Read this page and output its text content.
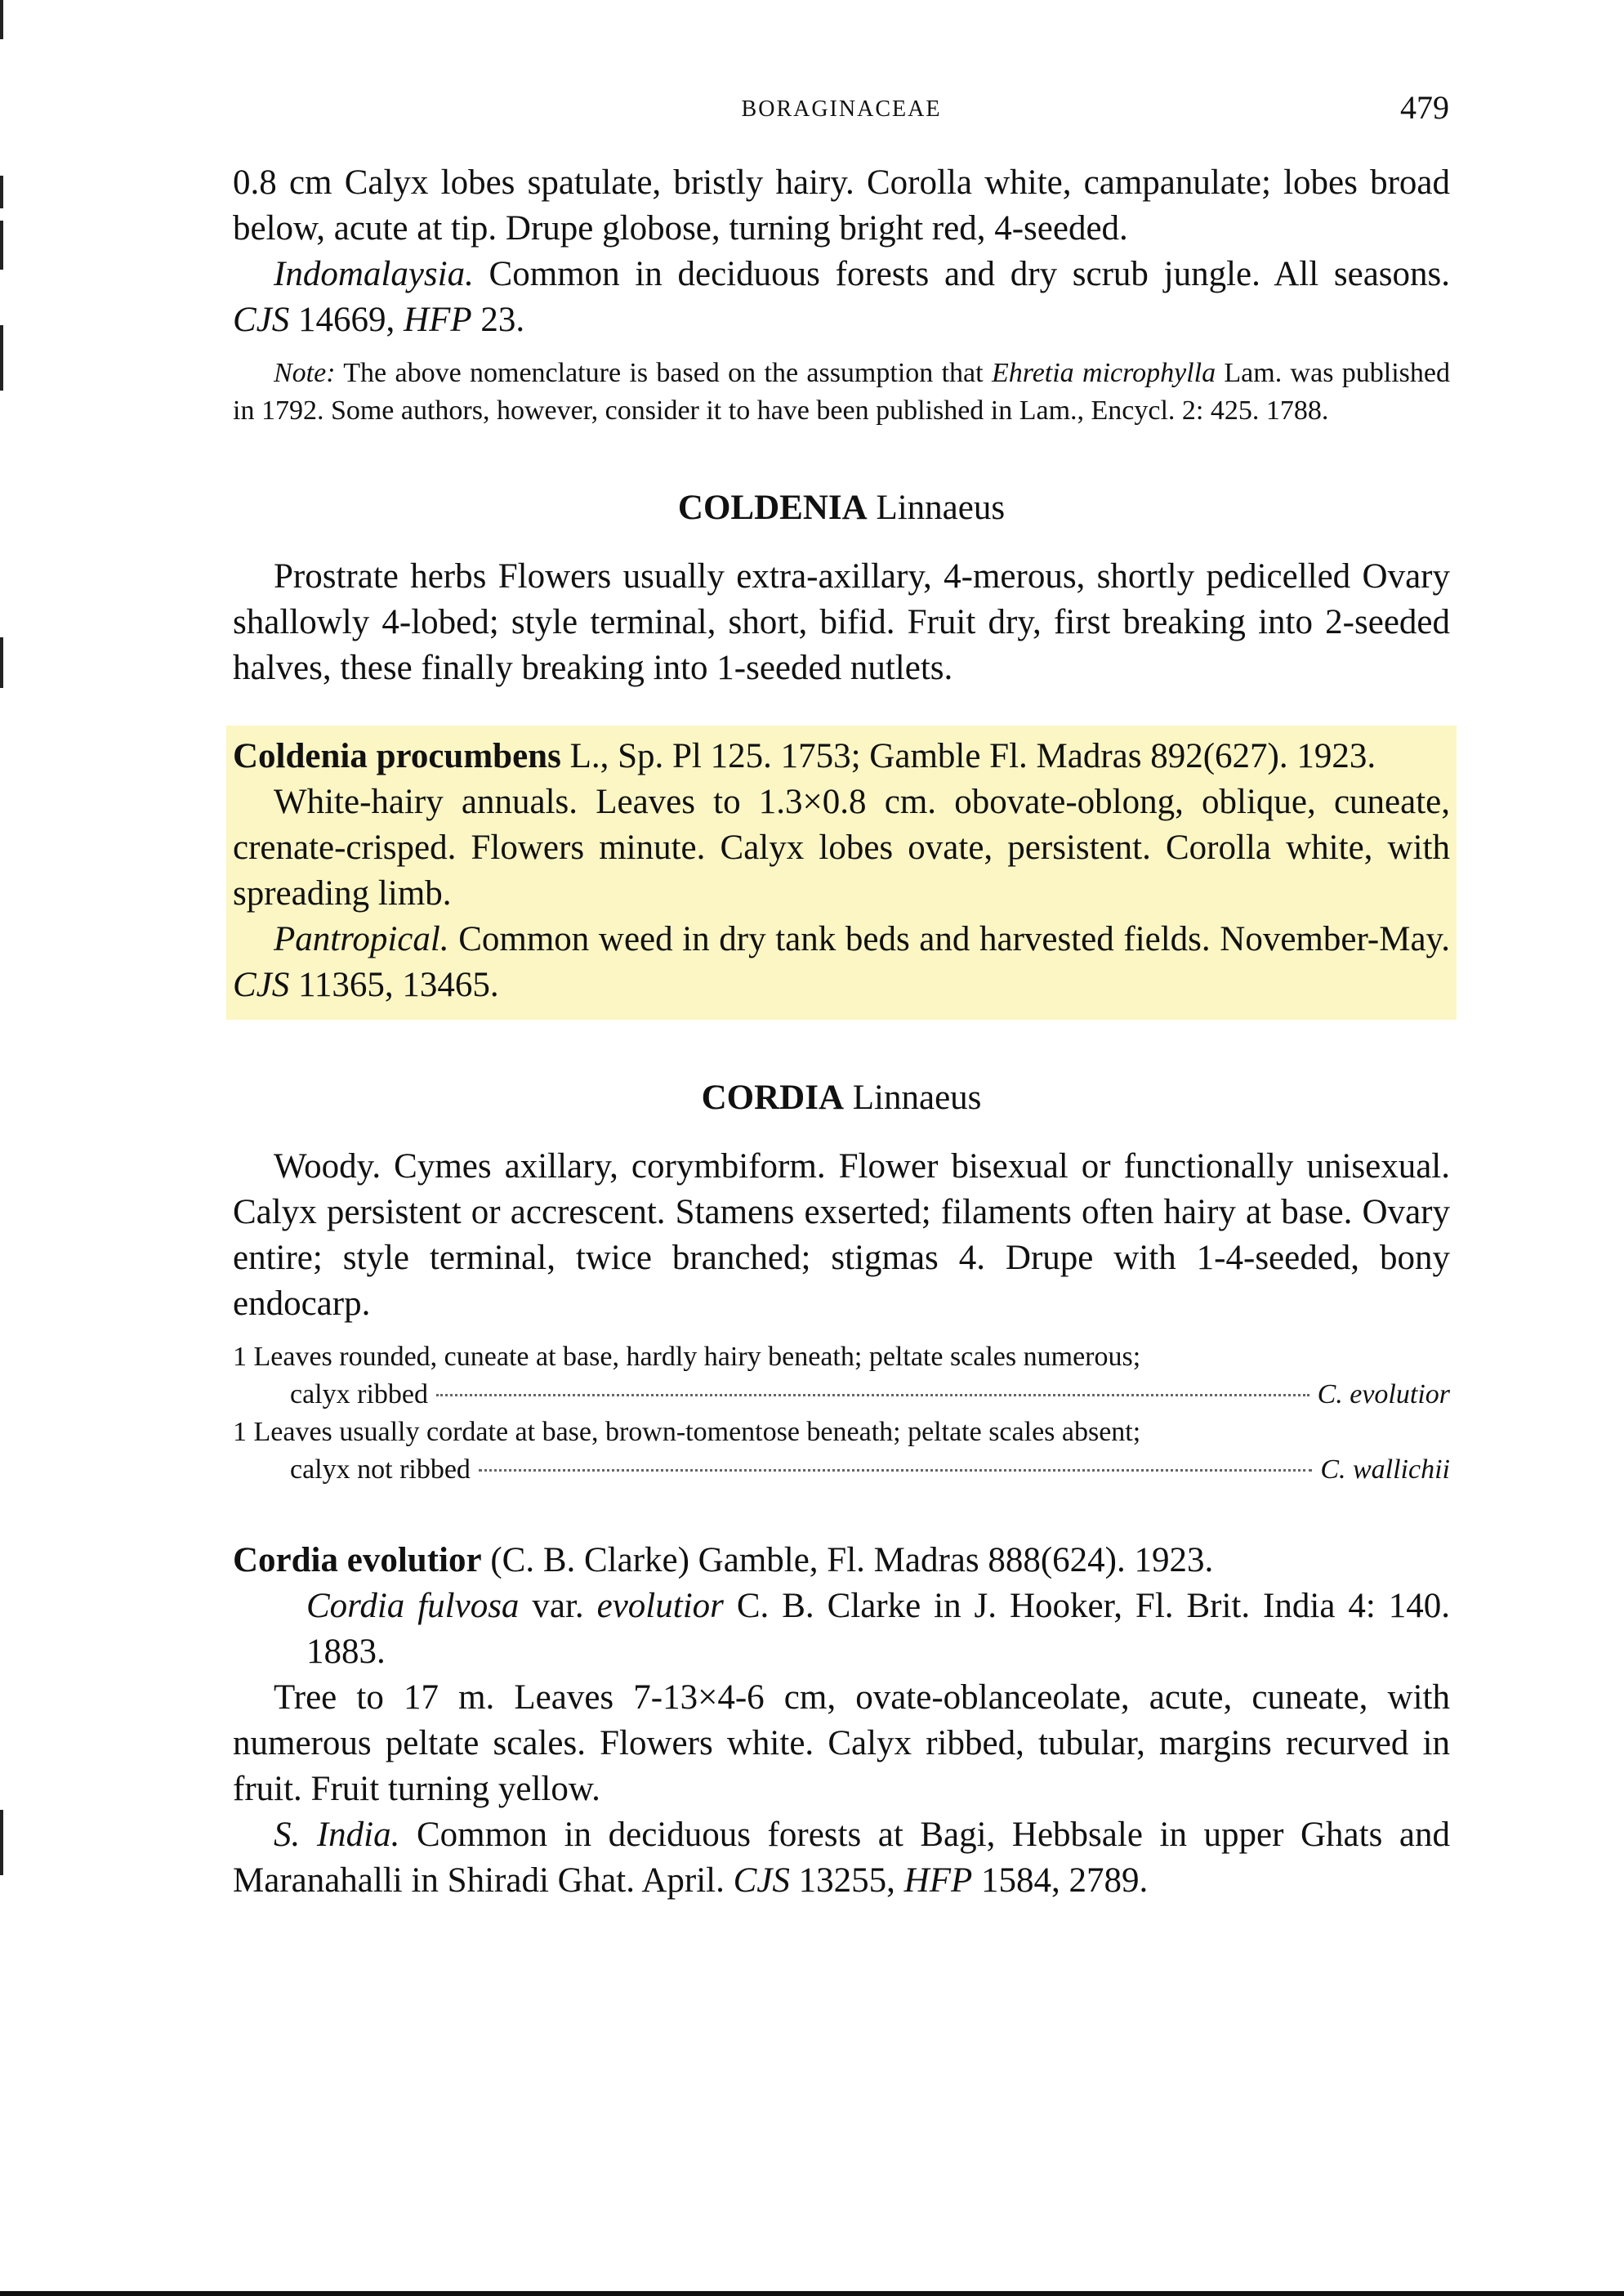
BORAGINACEAE	479

0.8 cm Calyx lobes spatulate, bristly hairy. Corolla white, campanulate; lobes broad below, acute at tip. Drupe globose, turning bright red, 4-seeded.

Indomalaysia. Common in deciduous forests and dry scrub jungle. All seasons. CJS 14669, HFP 23.

Note: The above nomenclature is based on the assumption that Ehretia microphylla Lam. was published in 1792. Some authors, however, consider it to have been published in Lam., Encycl. 2: 425. 1788.

COLDENIA Linnaeus

Prostrate herbs Flowers usually extra-axillary, 4-merous, shortly pedicelled Ovary shallowly 4-lobed; style terminal, short, bifid. Fruit dry, first breaking into 2-seeded halves, these finally breaking into 1-seeded nutlets.

Coldenia procumbens L., Sp. Pl 125. 1753; Gamble Fl. Madras 892(627). 1923.

White-hairy annuals. Leaves to 1.3×0.8 cm. obovate-oblong, oblique, cuneate, crenate-crisped. Flowers minute. Calyx lobes ovate, persistent. Corolla white, with spreading limb.

Pantropical. Common weed in dry tank beds and harvested fields. November-May. CJS 11365, 13465.

CORDIA Linnaeus

Woody. Cymes axillary, corymbiform. Flower bisexual or functionally unisexual. Calyx persistent or accrescent. Stamens exserted; filaments often hairy at base. Ovary entire; style terminal, twice branched; stigmas 4. Drupe with 1-4-seeded, bony endocarp.

1 Leaves rounded, cuneate at base, hardly hairy beneath; peltate scales numerous;
calyx ribbed	C. evolutior
1 Leaves usually cordate at base, brown-tomentose beneath; peltate scales absent;
calyx not ribbed	C. wallichii

Cordia evolutior (C. B. Clarke) Gamble, Fl. Madras 888(624). 1923.

Cordia fulvosa var. evolutior C. B. Clarke in J. Hooker, Fl. Brit. India 4: 140. 1883.

Tree to 17 m. Leaves 7-13×4-6 cm, ovate-oblanceolate, acute, cuneate, with numerous peltate scales. Flowers white. Calyx ribbed, tubular, margins recurved in fruit. Fruit turning yellow.

S. India. Common in deciduous forests at Bagi, Hebbsale in upper Ghats and Maranahalli in Shiradi Ghat. April. CJS 13255, HFP 1584, 2789.
